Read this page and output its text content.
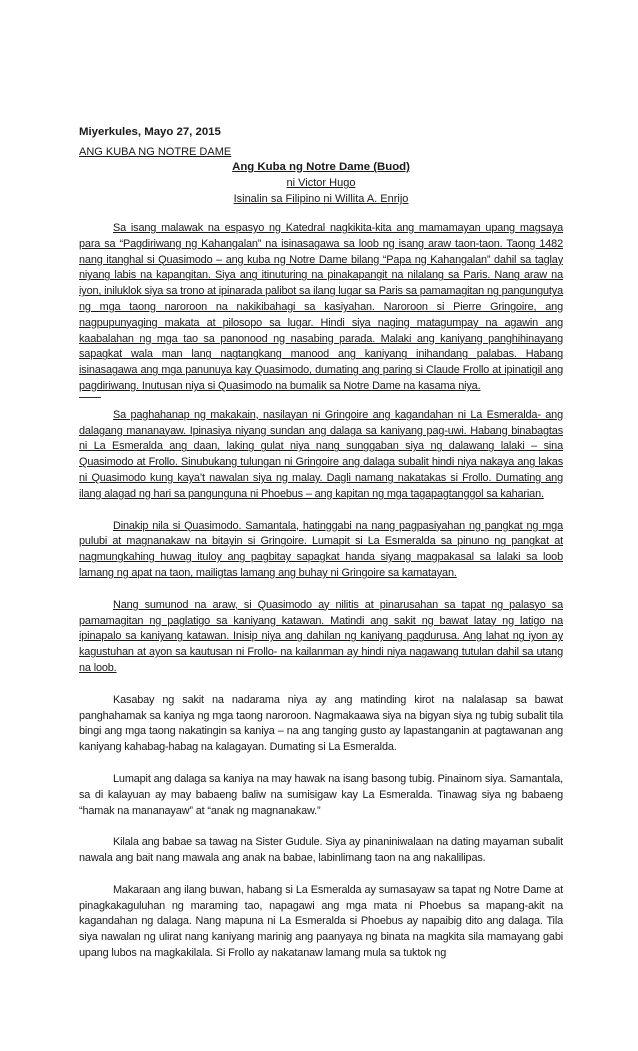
Miyerkules, Mayo 27, 2015

ANG KUBA NG NOTRE DAME

Ang Kuba ng Notre Dame (Buod)

ni Victor Hugo

Isinalin sa Filipino ni Willita A. Enrijo

Sa isang malawak na espasyo ng Katedral nagkikita-kita ang mamamayan upang magsaya para sa “Pagdiriwang ng Kahangalan” na isinasagawa sa loob ng isang araw taon-taon. Taong 1482 nang itanghal si Quasimodo – ang kuba ng Notre Dame bilang “Papa ng Kahangalan” dahil sa taglay niyang labis na kapangitan. Siya ang itinuturing na pinakapangit na nilalang sa Paris. Nang araw na iyon, iniluklok siya sa trono at ipinarada palibot sa ilang lugar sa Paris sa pamamagitan ng pangungutya ng mga taong naroroon na nakikibahagi sa kasiyahan. Naroroon si Pierre Gringoire, ang nagpupunyaging makata at pilosopo sa lugar. Hindi siya naging matagumpay na agawin ang kaabalahan ng mga tao sa panonood ng nasabing parada. Malaki ang kaniyang panghihinayang sapagkat wala man lang nagtangkang manood ang kaniyang inihandang palabas. Habang isinasagawa ang mga panunuya kay Quasimodo, dumating ang paring si Claude Frollo at ipinatigil ang pagdiriwang. Inutusan niya si Quasimodo na bumalik sa Notre Dame na kasama niya.

Sa paghahanap ng makakain, nasilayan ni Gringoire ang kagandahan ni La Esmeralda- ang dalagang mananayaw. Ipinasiya niyang sundan ang dalaga sa kaniyang pag-uwi. Habang binabagtas ni La Esmeralda ang daan, laking gulat niya nang sunggaban siya ng dalawang lalaki – sina Quasimodo at Frollo. Sinubukang tulungan ni Gringoire ang dalaga subalit hindi niya nakaya ang lakas ni Quasimodo kung kaya’t nawalan siya ng malay. Dagli namang nakatakas si Frollo. Dumating ang ilang alagad ng hari sa pangunguna ni Phoebus – ang kapitan ng mga tagapagtanggol sa kaharian.

Dinakip nila si Quasimodo. Samantala, hatinggabi na nang pagpasiyahan ng pangkat ng mga pulubi at magnanakaw na bitayin si Gringoire. Lumapit si La Esmeralda sa pinuno ng pangkat at nagmungkahing huwag ituloy ang pagbitay sapagkat handa siyang magpakasal sa lalaki sa loob lamang ng apat na taon, mailigtas lamang ang buhay ni Gringoire sa kamatayan.

Nang sumunod na araw, si Quasimodo ay nilitis at pinarusahan sa tapat ng palasyo sa pamamagitan ng paglatigo sa kaniyang katawan. Matindi ang sakit ng bawat latay ng latigo na ipinapalo sa kaniyang katawan. Inisip niya ang dahilan ng kaniyang pagdurusa. Ang lahat ng iyon ay kagustuhan at ayon sa kautusan ni Frollo- na kailanman ay hindi niya nagawang tutulan dahil sa utang na loob.

Kasabay ng sakit na nadarama niya ay ang matinding kirot na nalalasap sa bawat panghahamak sa kaniya ng mga taong naroroon. Nagmakaawa siya na bigyan siya ng tubig subalit tila bingi ang mga taong nakatingin sa kaniya – na ang tanging gusto ay lapastanganin at pagtawanan ang kaniyang kahabag-habag na kalagayan. Dumating si La Esmeralda.

Lumapit ang dalaga sa kaniya na may hawak na isang basong tubig. Pinainom siya. Samantala, sa di kalayuan ay may babaeng baliw na sumisigaw kay La Esmeralda. Tinawag siya ng babaeng “hamak na mananayaw” at “anak ng magnanakaw.”

Kilala ang babae sa tawag na Sister Gudule. Siya ay pinaniniwalaan na dating mayaman subalit nawala ang bait nang mawala ang anak na babae, labinlimang taon na ang nakalilipas.

Makaraan ang ilang buwan, habang si La Esmeralda ay sumasayaw sa tapat ng Notre Dame at pinagkakaguluhan ng maraming tao, napagawi ang mga mata ni Phoebus sa mapang-akit na kagandahan ng dalaga. Nang mapuna ni La Esmeralda si Phoebus ay napaibig dito ang dalaga. Tila siya nawalan ng ulirat nang kaniyang marinig ang paanyaya ng binata na magkita sila mamayang gabi upang lubos na magkakilala. Si Frollo ay nakatanaw lamang mula sa tuktok ng
